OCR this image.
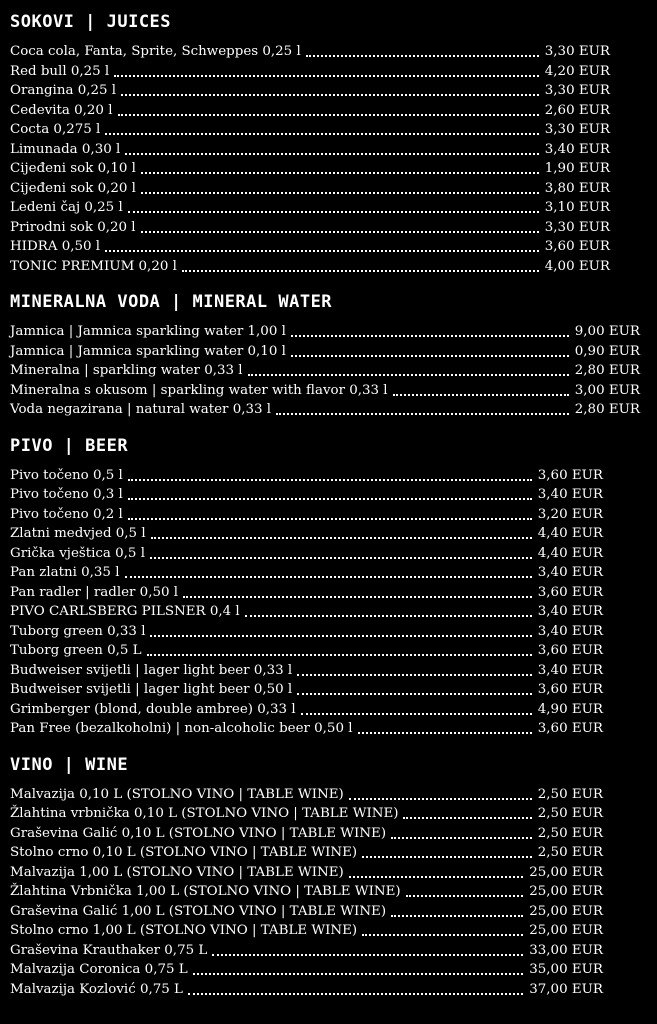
SOKOVI | JUICES
Coca cola, Fanta, Sprite, Schweppes 0,25 l	3,30 EUR
Red bull 0,25 l	4,20 EUR
Orangina 0,25 l	3,30 EUR
Cedevita 0,20 l	2,60 EUR
Cocta 0,275 l	3,30 EUR
Limunada 0,30 l	3,40 EUR
Cijeđeni sok 0,10 l	1,90 EUR
Cijeđeni sok 0,20 l	3,80 EUR
Ledeni čaj 0,25 l	3,10 EUR
Prirodni sok 0,20 l	3,30 EUR
HIDRA 0,50 l	3,60 EUR
TONIC PREMIUM 0,20 l	4,00 EUR
MINERALNA VODA | MINERAL WATER
Jamnica | Jamnica sparkling water 1,00 l	9,00 EUR
Jamnica | Jamnica sparkling water 0,10 l	0,90 EUR
Mineralna | sparkling water 0,33 l	2,80 EUR
Mineralna s okusom | sparkling water with flavor 0,33 l	3,00 EUR
Voda negazirana | natural water 0,33 l	2,80 EUR
PIVO | BEER
Pivo točeno 0,5 l	3,60 EUR
Pivo točeno 0,3 l	3,40 EUR
Pivo točeno 0,2 l	3,20 EUR
Zlatni medvjed 0,5 l	4,40 EUR
Grička vještica 0,5 l	4,40 EUR
Pan zlatni 0,35 l	3,40 EUR
Pan radler | radler 0,50 l	3,60 EUR
PIVO CARLSBERG PILSNER 0,4 l	3,40 EUR
Tuborg green 0,33 l	3,40 EUR
Tuborg green 0,5 L	3,60 EUR
Budweiser svijetli | lager light beer 0,33 l	3,40 EUR
Budweiser svijetli | lager light beer 0,50 l	3,60 EUR
Grimberger (blond, double ambree) 0,33 l	4,90 EUR
Pan Free (bezalkoholni) | non-alcoholic beer 0,50 l	3,60 EUR
VINO | WINE
Malvazija 0,10 L (STOLNO VINO | TABLE WINE)	2,50 EUR
Žlahtina vrbnička 0,10 L (STOLNO VINO | TABLE WINE)	2,50 EUR
Graševina Galić 0,10 L (STOLNO VINO | TABLE WINE)	2,50 EUR
Stolno crno 0,10 L (STOLNO VINO | TABLE WINE)	2,50 EUR
Malvazija 1,00 L (STOLNO VINO | TABLE WINE)	25,00 EUR
Žlahtina Vrbnička 1,00 L (STOLNO VINO | TABLE WINE)	25,00 EUR
Graševina Galić 1,00 L (STOLNO VINO | TABLE WINE)	25,00 EUR
Stolno crno 1,00 L (STOLNO VINO | TABLE WINE)	25,00 EUR
Graševina Krauthaker 0,75 L	33,00 EUR
Malvazija Coronica 0,75 L	35,00 EUR
Malvazija Kozlović 0,75 L	37,00 EUR
